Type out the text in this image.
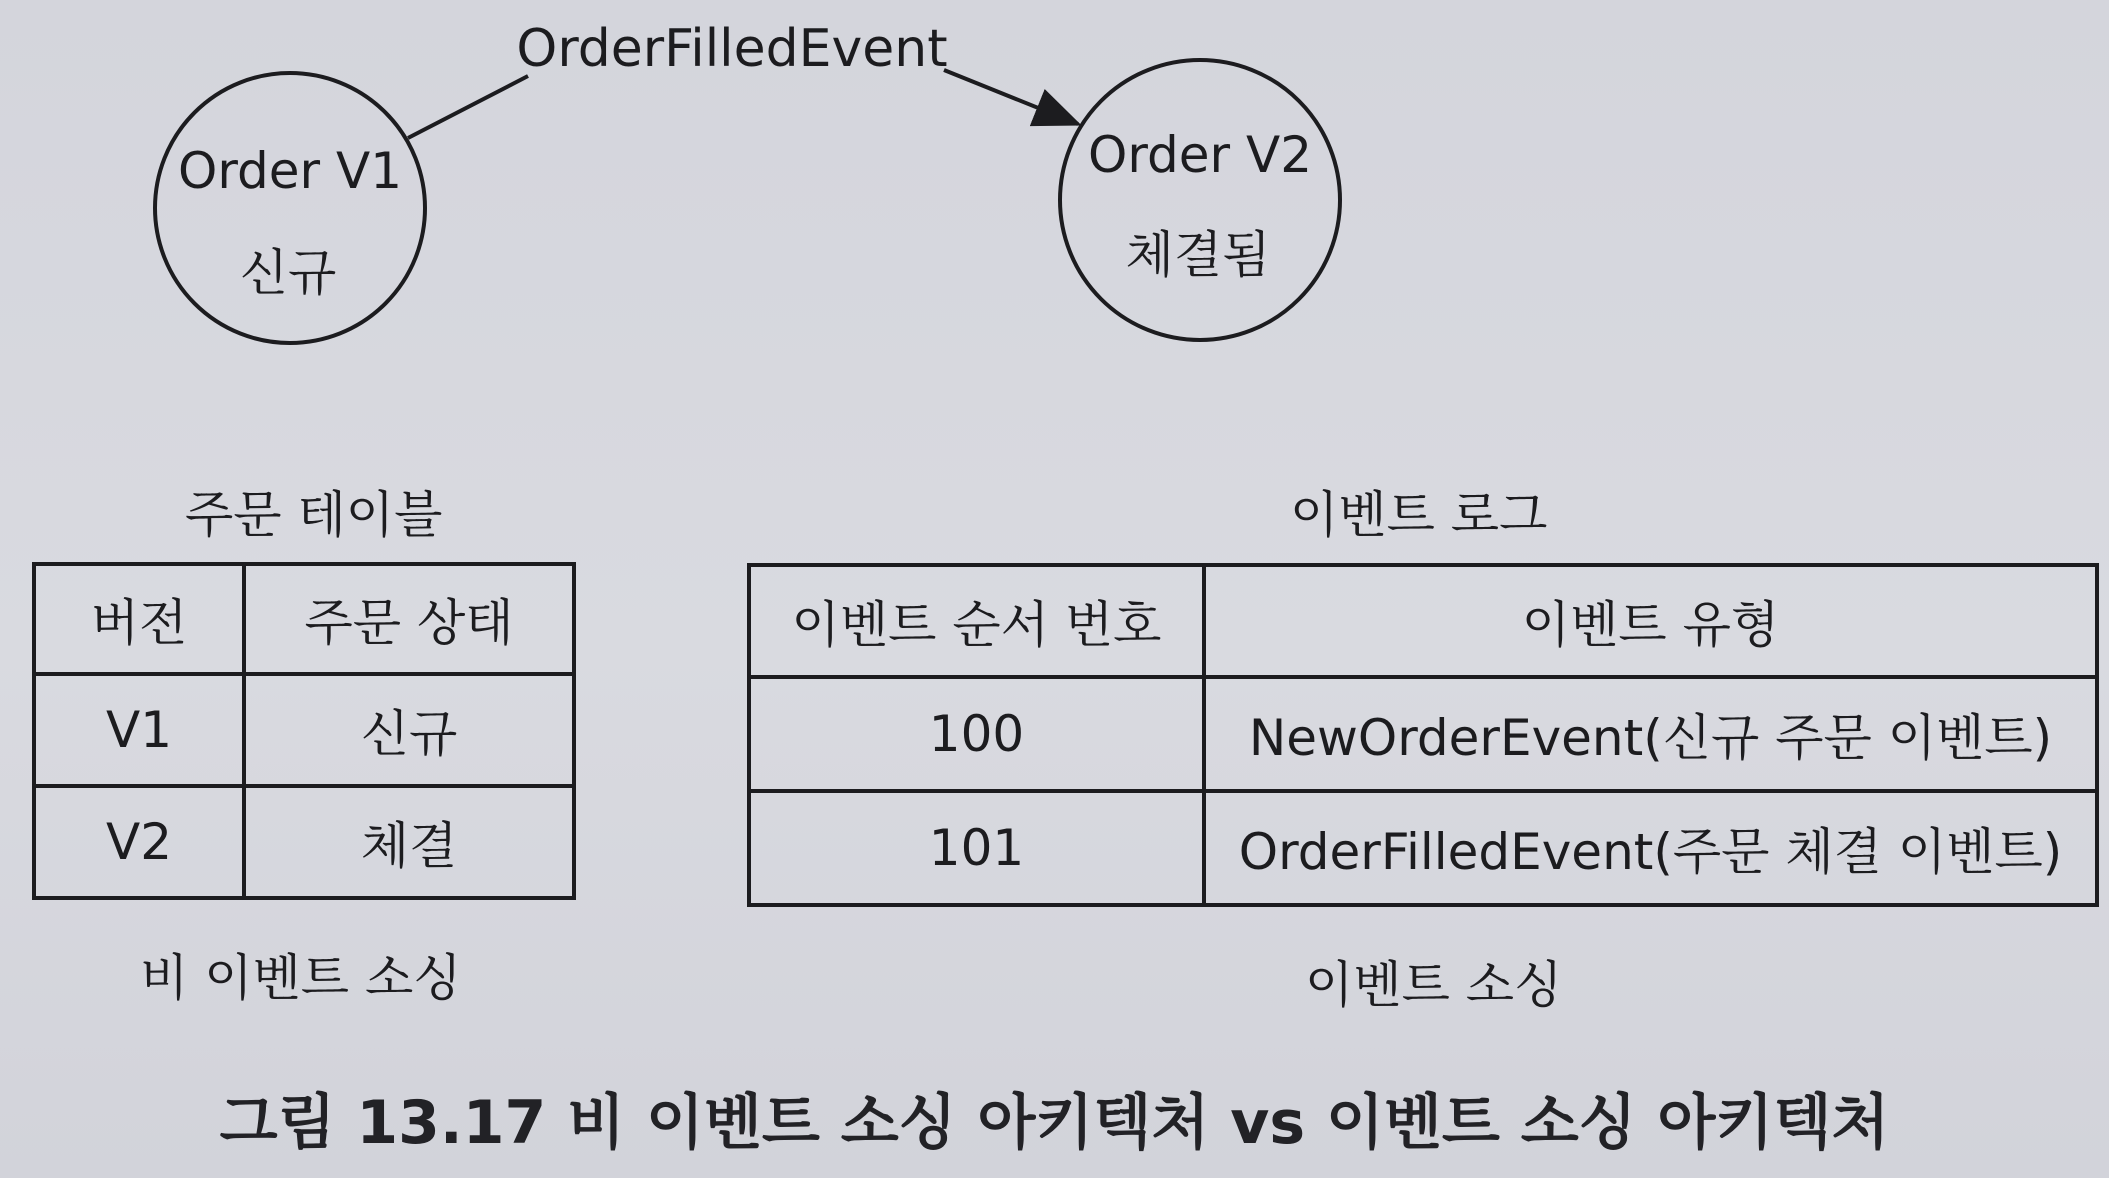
Order V1
신규
Order V2
체결됨
OrderFilledEvent
주문 테이블
버전	주문 상태
V1	신규
V2	체결
비 이벤트 소싱
이벤트 로그
이벤트 순서 번호	이벤트 유형
100	NewOrderEvent(신규 주문 이벤트)
101	OrderFilledEvent(주문 체결 이벤트)
이벤트 소싱
그림 13.17 비 이벤트 소싱 아키텍처 vs 이벤트 소싱 아키텍처
